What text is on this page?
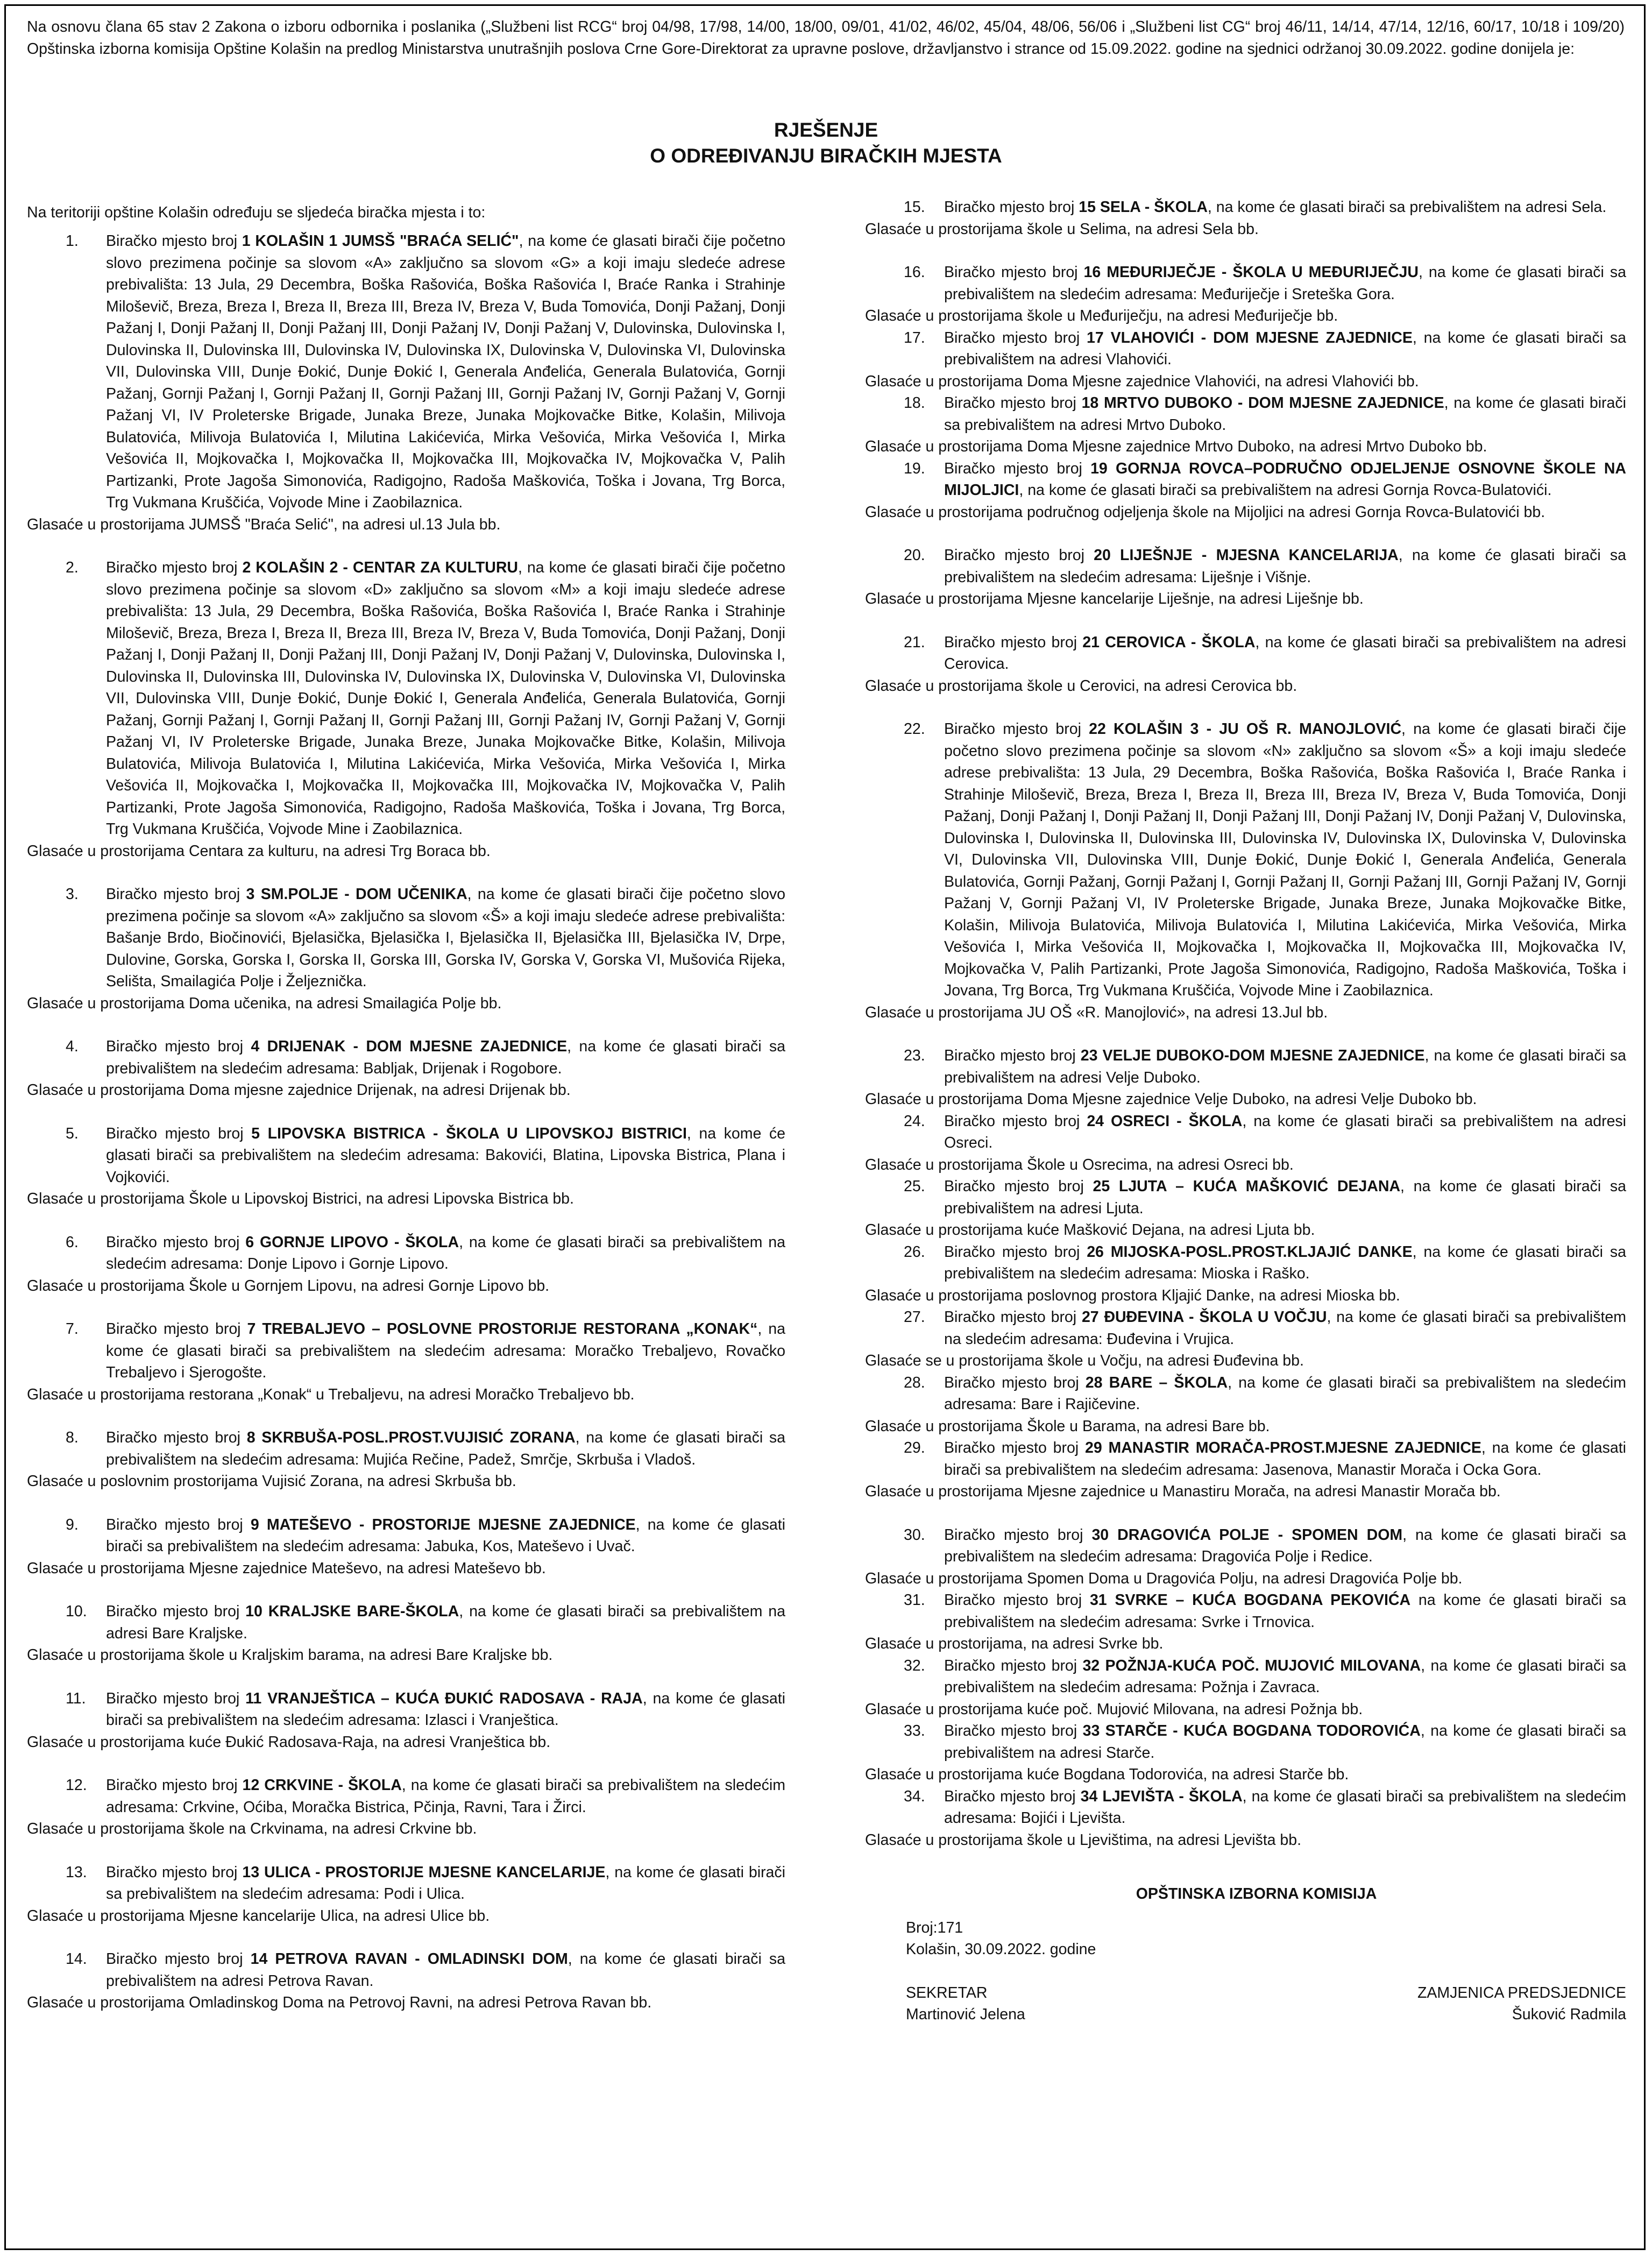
Na osnovu člana 65 stav 2 Zakona o izboru odbornika i poslanika („Službeni list RCG“ broj 04/98, 17/98, 14/00, 18/00, 09/01, 41/02, 46/02, 45/04, 48/06, 56/06 i „Službeni list CG“ broj 46/11, 14/14, 47/14, 12/16, 60/17, 10/18 i 109/20) Opštinska izborna komisija Opštine Kolašin na predlog Ministarstva unutrašnjih poslova Crne Gore-Direktorat za upravne poslove, državljanstvo i strance od 15.09.2022. godine na sjednici održanoj 30.09.2022. godine donijela je:
RJEŠENJE
O ODREĐIVANJU BIRAČKIH MJESTA
Na teritoriji opštine Kolašin određuju se sljedeća biračka mjesta i to:
1.	Biračko mjesto broj 1 KOLAŠIN 1 JUMSŠ "BRAĆA SELIĆ", na kome će glasati birači čije početno slovo prezimena počinje sa slovom «A» zaključno sa slovom «G» a koji imaju sledeće adrese prebivališta: 13 Jula, 29 Decembra, Boška Rašovića, Boška Rašovića I, Braće Ranka i Strahinje Miloševič, Breza, Breza I, Breza II, Breza III, Breza IV, Breza V, Buda Tomovića, Donji Pažanj, Donji Pažanj I, Donji Pažanj II, Donji Pažanj III, Donji Pažanj IV, Donji Pažanj V, Dulovinska, Dulovinska I, Dulovinska II, Dulovinska III, Dulovinska IV, Dulovinska IX, Dulovinska V, Dulovinska VI, Dulovinska VII, Dulovinska VIII, Dunje Đokić, Dunje Đokić I, Generala Anđelića, Generala Bulatovića, Gornji Pažanj, Gornji Pažanj I, Gornji Pažanj II, Gornji Pažanj III, Gornji Pažanj IV, Gornji Pažanj V, Gornji Pažanj VI, IV Proleterske Brigade, Junaka Breze, Junaka Mojkovačke Bitke, Kolašin, Milivoja Bulatovića, Milivoja Bulatovića I, Milutina Lakićevića, Mirka Vešovića, Mirka Vešovića I, Mirka Vešovića II, Mojkovačka I, Mojkovačka II, Mojkovačka III, Mojkovačka IV, Mojkovačka V, Palih Partizanki, Prote Jagoša Simonovića, Radigojno, Radoša Maškovića, Toška i Jovana, Trg Borca, Trg Vukmana Kruščića, Vojvode Mine i Zaobilaznica.
Glasaće u prostorijama JUMSŠ "Braća Selić", na adresi ul.13 Jula bb.
2.	Biračko mjesto broj 2 KOLAŠIN 2 - CENTAR ZA KULTURU, na kome će glasati birači čije početno slovo prezimena počinje sa slovom «D» zaključno sa slovom «M» a koji imaju sledeće adrese prebivališta: 13 Jula, 29 Decembra, Boška Rašovića, Boška Rašovića I, Braće Ranka i Strahinje Miloševič, Breza, Breza I, Breza II, Breza III, Breza IV, Breza V, Buda Tomovića, Donji Pažanj, Donji Pažanj I, Donji Pažanj II, Donji Pažanj III, Donji Pažanj IV, Donji Pažanj V, Dulovinska, Dulovinska I, Dulovinska II, Dulovinska III, Dulovinska IV, Dulovinska IX, Dulovinska V, Dulovinska VI, Dulovinska VII, Dulovinska VIII, Dunje Đokić, Dunje Đokić I, Generala Anđelića, Generala Bulatovića, Gornji Pažanj, Gornji Pažanj I, Gornji Pažanj II, Gornji Pažanj III, Gornji Pažanj IV, Gornji Pažanj V, Gornji Pažanj VI, IV Proleterske Brigade, Junaka Breze, Junaka Mojkovačke Bitke, Kolašin, Milivoja Bulatovića, Milivoja Bulatovića I, Milutina Lakićevića, Mirka Vešovića, Mirka Vešovića I, Mirka Vešovića II, Mojkovačka I, Mojkovačka II, Mojkovačka III, Mojkovačka IV, Mojkovačka V, Palih Partizanki, Prote Jagoša Simonovića, Radigojno, Radoša Maškovića, Toška i Jovana, Trg Borca, Trg Vukmana Kruščića, Vojvode Mine i Zaobilaznica.
Glasaće u prostorijama Centara za kulturu, na adresi Trg Boraca bb.
3.	Biračko mjesto broj 3 SM.POLJE - DOM UČENIKA, na kome će glasati birači čije početno slovo prezimena počinje sa slovom «A» zaključno sa slovom «Š» a koji imaju sledeće adrese prebivališta: Bašanje Brdo, Biočinovići, Bjelasička, Bjelasička I, Bjelasička II, Bjelasička III, Bjelasička IV, Drpe, Dulovine, Gorska, Gorska I, Gorska II, Gorska III, Gorska IV, Gorska V, Gorska VI, Mušovića Rijeka, Selišta, Smailagića Polje i Željeznička.
Glasaće u prostorijama Doma učenika, na adresi Smailagića Polje bb.
4.	Biračko mjesto broj 4 DRIJENAK - DOM MJESNE ZAJEDNICE, na kome će glasati birači sa prebivalištem na sledećim adresama: Babljak, Drijenak i Rogobore.
Glasaće u prostorijama Doma mjesne zajednice Drijenak, na adresi Drijenak bb.
5.	Biračko mjesto broj 5 LIPOVSKA BISTRICA - ŠKOLA U LIPOVSKOJ BISTRICI, na kome će glasati birači sa prebivalištem na sledećim adresama: Bakovići, Blatina, Lipovska Bistrica, Plana i Vojkovići.
Glasaće u prostorijama Škole u Lipovskoj Bistrici, na adresi Lipovska Bistrica bb.
6.	Biračko mjesto broj 6 GORNJE LIPOVO - ŠKOLA, na kome će glasati birači sa prebivalištem na sledećim adresama: Donje Lipovo i Gornje Lipovo.
Glasaće u prostorijama Škole u Gornjem Lipovu, na adresi Gornje Lipovo bb.
7.	Biračko mjesto broj 7 TREBALJEVO – POSLOVNE PROSTORIJE RESTORANA „KONAK“, na kome će glasati birači sa prebivalištem na sledećim adresama: Moračko Trebaljevo, Rovačko Trebaljevo i Sjerogošte.
Glasaće u prostorijama restorana „Konak“ u Trebaljevu, na adresi Moračko Trebaljevo bb.
8.	Biračko mjesto broj 8 SKRBUŠA-POSL.PROST.VUJISIĆ ZORANA, na kome će glasati birači sa prebivalištem na sledećim adresama: Mujića Rečine, Padež, Smrčje, Skrbuša i Vladoš.
Glasaće u poslovnim prostorijama Vujisić Zorana, na adresi Skrbuša bb.
9.	Biračko mjesto broj 9 MATEŠEVO - PROSTORIJE MJESNE ZAJEDNICE, na kome će glasati birači sa prebivalištem na sledećim adresama: Jabuka, Kos, Mateševo i Uvač.
Glasaće u prostorijama Mjesne zajednice Mateševo, na adresi Mateševo bb.
10.	Biračko mjesto broj 10 KRALJSKE BARE-ŠKOLA, na kome će glasati birači sa prebivalištem na adresi Bare Kraljske.
Glasaće u prostorijama škole u Kraljskim barama, na adresi Bare Kraljske bb.
11.	Biračko mjesto broj 11 VRANJEŠTICA – KUĆA ĐUKIĆ RADOSAVA - RAJA, na kome će glasati birači sa prebivalištem na sledećim adresama: Izlasci i Vranještica.
Glasaće u prostorijama kuće Đukić Radosava-Raja, na adresi Vranještica bb.
12.	Biračko mjesto broj 12 CRKVINE - ŠKOLA, na kome će glasati birači sa prebivalištem na sledećim adresama: Crkvine, Oćiba, Moračka Bistrica, Pčinja, Ravni, Tara i Žirci.
Glasaće u prostorijama škole na Crkvinama, na adresi Crkvine bb.
13.	Biračko mjesto broj 13 ULICA - PROSTORIJE MJESNE KANCELARIJE, na kome će glasati birači sa prebivalištem na sledećim adresama: Podi i Ulica.
Glasaće u prostorijama Mjesne kancelarije Ulica, na adresi Ulice bb.
14.	Biračko mjesto broj 14 PETROVA RAVAN - OMLADINSKI DOM, na kome će glasati birači sa prebivalištem na adresi Petrova Ravan.
Glasaće u prostorijama Omladinskog Doma na Petrovoj Ravni, na adresi Petrova Ravan bb.
15.	Biračko mjesto broj 15 SELA - ŠKOLA, na kome će glasati birači sa prebivalištem na adresi Sela.
Glasaće u prostorijama škole u Selima, na adresi Sela bb.
16.	Biračko mjesto broj 16 MEĐURIJEČJE - ŠKOLA U MEĐURIJEČJU, na kome će glasati birači sa prebivalištem na sledećim adresama: Međuriječje i Sreteška Gora.
Glasaće u prostorijama škole u Međuriječju, na adresi Međuriječje bb.
17.	Biračko mjesto broj 17 VLAHOVIĆI - DOM MJESNE ZAJEDNICE, na kome će glasati birači sa prebivalištem na adresi Vlahovići.
Glasaće u prostorijama Doma Mjesne zajednice Vlahovići, na adresi Vlahovići bb.
18.	Biračko mjesto broj 18 MRTVO DUBOKO - DOM MJESNE ZAJEDNICE, na kome će glasati birači sa prebivalištem na adresi Mrtvo Duboko.
Glasaće u prostorijama Doma Mjesne zajednice Mrtvo Duboko, na adresi Mrtvo Duboko bb.
19.	Biračko mjesto broj 19 GORNJA ROVCA–PODRUČNO ODJELJENJE OSNOVNE ŠKOLE NA MIJOLJICI, na kome će glasati birači sa prebivalištem na adresi Gornja Rovca-Bulatovići.
Glasaće u prostorijama područnog odjeljenja škole na Mijoljici na adresi Gornja Rovca-Bulatovići bb.
20.	Biračko mjesto broj 20 LIJEŠNJE - MJESNA KANCELARIJA, na kome će glasati birači sa prebivalištem na sledećim adresama: Liješnje i Višnje.
Glasaće u prostorijama Mjesne kancelarije Liješnje, na adresi Liješnje bb.
21.	Biračko mjesto broj 21 CEROVICA - ŠKOLA, na kome će glasati birači sa prebivalištem na adresi Cerovica.
Glasaće u prostorijama škole u Cerovici, na adresi Cerovica bb.
22.	Biračko mjesto broj 22 KOLAŠIN 3 - JU OŠ R. MANOJLOVIĆ, na kome će glasati birači čije početno slovo prezimena počinje sa slovom «N» zaključno sa slovom «Š» a koji imaju sledeće adrese prebivališta: 13 Jula, 29 Decembra, Boška Rašovića, Boška Rašovića I, Braće Ranka i Strahinje Miloševič, Breza, Breza I, Breza II, Breza III, Breza IV, Breza V, Buda Tomovića, Donji Pažanj, Donji Pažanj I, Donji Pažanj II, Donji Pažanj III, Donji Pažanj IV, Donji Pažanj V, Dulovinska, Dulovinska I, Dulovinska II, Dulovinska III, Dulovinska IV, Dulovinska IX, Dulovinska V, Dulovinska VI, Dulovinska VII, Dulovinska VIII, Dunje Đokić, Dunje Đokić I, Generala Anđelića, Generala Bulatovića, Gornji Pažanj, Gornji Pažanj I, Gornji Pažanj II, Gornji Pažanj III, Gornji Pažanj IV, Gornji Pažanj V, Gornji Pažanj VI, IV Proleterske Brigade, Junaka Breze, Junaka Mojkovačke Bitke, Kolašin, Milivoja Bulatovića, Milivoja Bulatovića I, Milutina Lakićevića, Mirka Vešovića, Mirka Vešovića I, Mirka Vešovića II, Mojkovačka I, Mojkovačka II, Mojkovačka III, Mojkovačka IV, Mojkovačka V, Palih Partizanki, Prote Jagoša Simonovića, Radigojno, Radoša Maškovića, Toška i Jovana, Trg Borca, Trg Vukmana Kruščića, Vojvode Mine i Zaobilaznica.
Glasaće u prostorijama JU OŠ «R. Manojlović», na adresi 13.Jul bb.
23.	Biračko mjesto broj 23 VELJE DUBOKO-DOM MJESNE ZAJEDNICE, na kome će glasati birači sa prebivalištem na adresi Velje Duboko.
Glasaće u prostorijama Doma Mjesne zajednice Velje Duboko, na adresi Velje Duboko bb.
24.	Biračko mjesto broj 24 OSRECI - ŠKOLA, na kome će glasati birači sa prebivalištem na adresi Osreci.
Glasaće u prostorijama Škole u Osrecima, na adresi Osreci bb.
25.	Biračko mjesto broj 25 LJUTA – KUĆA MAŠKOVIĆ DEJANA, na kome će glasati birači sa prebivalištem na adresi Ljuta.
Glasaće u prostorijama kuće Mašković Dejana, na adresi Ljuta bb.
26.	Biračko mjesto broj 26 MIJOSKA-POSL.PROST.KLJAJIĆ DANKE, na kome će glasati birači sa prebivalištem na sledećim adresama: Mioska i Raško.
Glasaće u prostorijama poslovnog prostora Kljajić Danke, na adresi Mioska bb.
27.	Biračko mjesto broj 27 ĐUĐEVINA - ŠKOLA U VOČJU, na kome će glasati birači sa prebivalištem na sledećim adresama: Đuđevina i Vrujica.
Glasaće se u prostorijama škole u Vočju, na adresi Đuđevina bb.
28.	Biračko mjesto broj 28 BARE – ŠKOLA, na kome će glasati birači sa prebivalištem na sledećim adresama: Bare i Rajičevine.
Glasaće u prostorijama Škole u Barama, na adresi Bare bb.
29.	Biračko mjesto broj 29 MANASTIR MORAČA-PROST.MJESNE ZAJEDNICE, na kome će glasati birači sa prebivalištem na sledećim adresama: Jasenova, Manastir Morača i Ocka Gora.
Glasaće u prostorijama Mjesne zajednice u Manastiru Morača, na adresi Manastir Morača bb.
30.	Biračko mjesto broj 30 DRAGOVIĆA POLJE - SPOMEN DOM, na kome će glasati birači sa prebivalištem na sledećim adresama: Dragovića Polje i Redice.
Glasaće u prostorijama Spomen Doma u Dragovića Polju, na adresi Dragovića Polje bb.
31.	Biračko mjesto broj 31 SVRKE – KUĆA BOGDANA PEKOVIĆA na kome će glasati birači sa prebivalištem na sledećim adresama: Svrke i Trnovica.
Glasaće u prostorijama, na adresi Svrke bb.
32.	Biračko mjesto broj 32 POŽNJA-KUĆA POČ. MUJOVIĆ MILOVANA, na kome će glasati birači sa prebivalištem na sledećim adresama: Požnja i Zavraca.
Glasaće u prostorijama kuće poč. Mujović Milovana, na adresi Požnja bb.
33.	Biračko mjesto broj 33 STARČE - KUĆA BOGDANA TODOROVIĆA, na kome će glasati birači sa prebivalištem na adresi Starče.
Glasaće u prostorijama kuće Bogdana Todorovića, na adresi Starče bb.
34.	Biračko mjesto broj 34 LJEVIŠTA - ŠKOLA, na kome će glasati birači sa prebivalištem na sledećim adresama: Bojići i Ljevišta.
Glasaće u prostorijama škole u Ljevištima, na adresi Ljevišta bb.
OPŠTINSKA IZBORNA KOMISIJA
Broj:171
Kolašin, 30.09.2022. godine
SEKRETAR
Martinović Jelena
ZAMJENICA PREDSJEDNICE
Šuković Radmila
